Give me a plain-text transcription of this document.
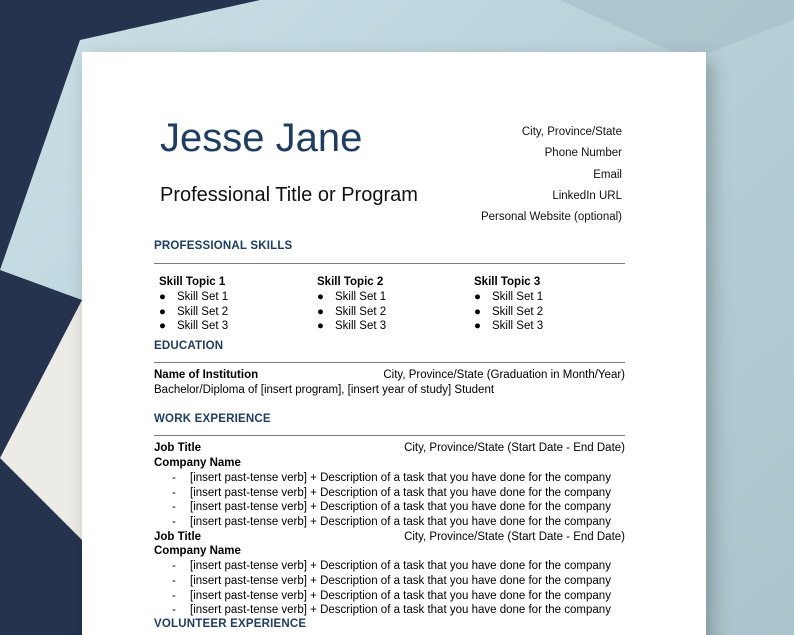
Jesse Jane
Professional Title or Program
City, Province/State
Phone Number
Email
LinkedIn URL
Personal Website (optional)
PROFESSIONAL SKILLS
Skill Topic 1
● Skill Set 1
● Skill Set 2
● Skill Set 3
Skill Topic 2
● Skill Set 1
● Skill Set 2
● Skill Set 3
Skill Topic 3
● Skill Set 1
● Skill Set 2
● Skill Set 3
EDUCATION
Name of Institution	City, Province/State (Graduation in Month/Year)
Bachelor/Diploma of [insert program], [insert year of study] Student
WORK EXPERIENCE
Job Title	City, Province/State (Start Date - End Date)
Company Name
- [insert past-tense verb] + Description of a task that you have done for the company
- [insert past-tense verb] + Description of a task that you have done for the company
- [insert past-tense verb] + Description of a task that you have done for the company
- [insert past-tense verb] + Description of a task that you have done for the company
Job Title	City, Province/State (Start Date - End Date)
Company Name
- [insert past-tense verb] + Description of a task that you have done for the company
- [insert past-tense verb] + Description of a task that you have done for the company
- [insert past-tense verb] + Description of a task that you have done for the company
- [insert past-tense verb] + Description of a task that you have done for the company
VOLUNTEER EXPERIENCE
